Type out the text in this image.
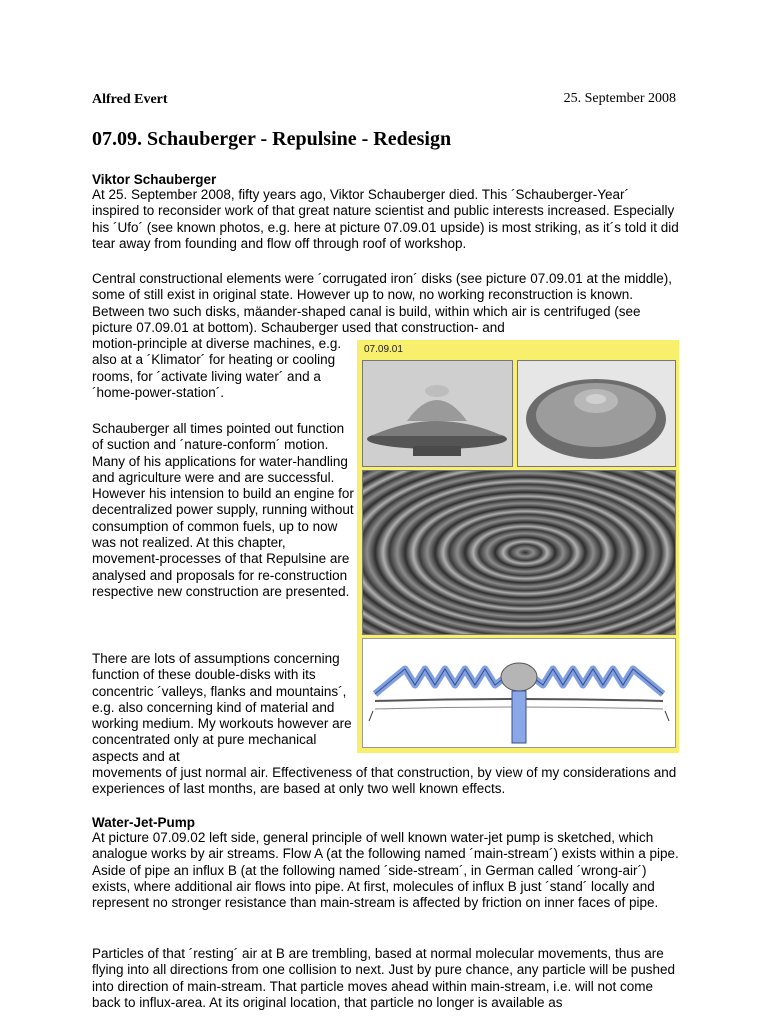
Alfred Evert	25. September 2008
07.09. Schauberger - Repulsine - Redesign
Viktor Schauberger

At 25. September 2008, fifty years ago, Viktor Schauberger died. This ´Schauberger-Year´ inspired to reconsider work of that great nature scientist and public interests increased. Especially his ´Ufo´ (see known photos, e.g. here at picture 07.09.01 upside) is most striking, as it´s told it did tear away from founding and flow off through roof of workshop.

Central constructional elements were ´corrugated iron´ disks (see picture 07.09.01 at the middle), some of still exist in original state. However up to now, no working reconstruction is known. Between two such disks, mäander-shaped canal is build, within which air is centrifuged (see picture 07.09.01 at bottom). Schauberger used that construction- and

motion-principle at diverse machines, e.g. also at a ´Klimator´ for heating or cooling rooms, for ´activate living water´ and a ´home-power-station´.

Schauberger all times pointed out function of suction and ´nature-conform´ motion. Many of his applications for water-handling and agriculture were and are successful. However his intension to build an engine for decentralized power supply, running without consumption of common fuels, up to now was not realized. At this chapter, movement-processes of that Repulsine are analysed and proposals for re-construction respective new construction are presented.

There are lots of assumptions concerning function of these double-disks with its concentric ´valleys, flanks and mountains´, e.g. also concerning kind of material and working medium. My workouts however are concentrated only at pure mechanical aspects and at

movements of just normal air. Effectiveness of that construction, by view of my considerations and experiences of last months, are based at only two well known effects.

07.09.01
Water-Jet-Pump

At picture 07.09.02 left side, general principle of well known water-jet pump is sketched, which analogue works by air streams. Flow A (at the following named ´main-stream´) exists within a pipe. Aside of pipe an influx B (at the following named ´side-stream´, in German called ´wrong-air´) exists, where additional air flows into pipe. At first, molecules of influx B just ´stand´ locally and represent no stronger resistance than main-stream is affected by friction on inner faces of pipe.

Particles of that ´resting´ air at B are trembling, based at normal molecular movements, thus are flying into all directions from one collision to next. Just by pure chance, any particle will be pushed into direction of main-stream. That particle moves ahead within main-stream, i.e. will not come back to influx-area. At its original location, that particle no longer is available as
